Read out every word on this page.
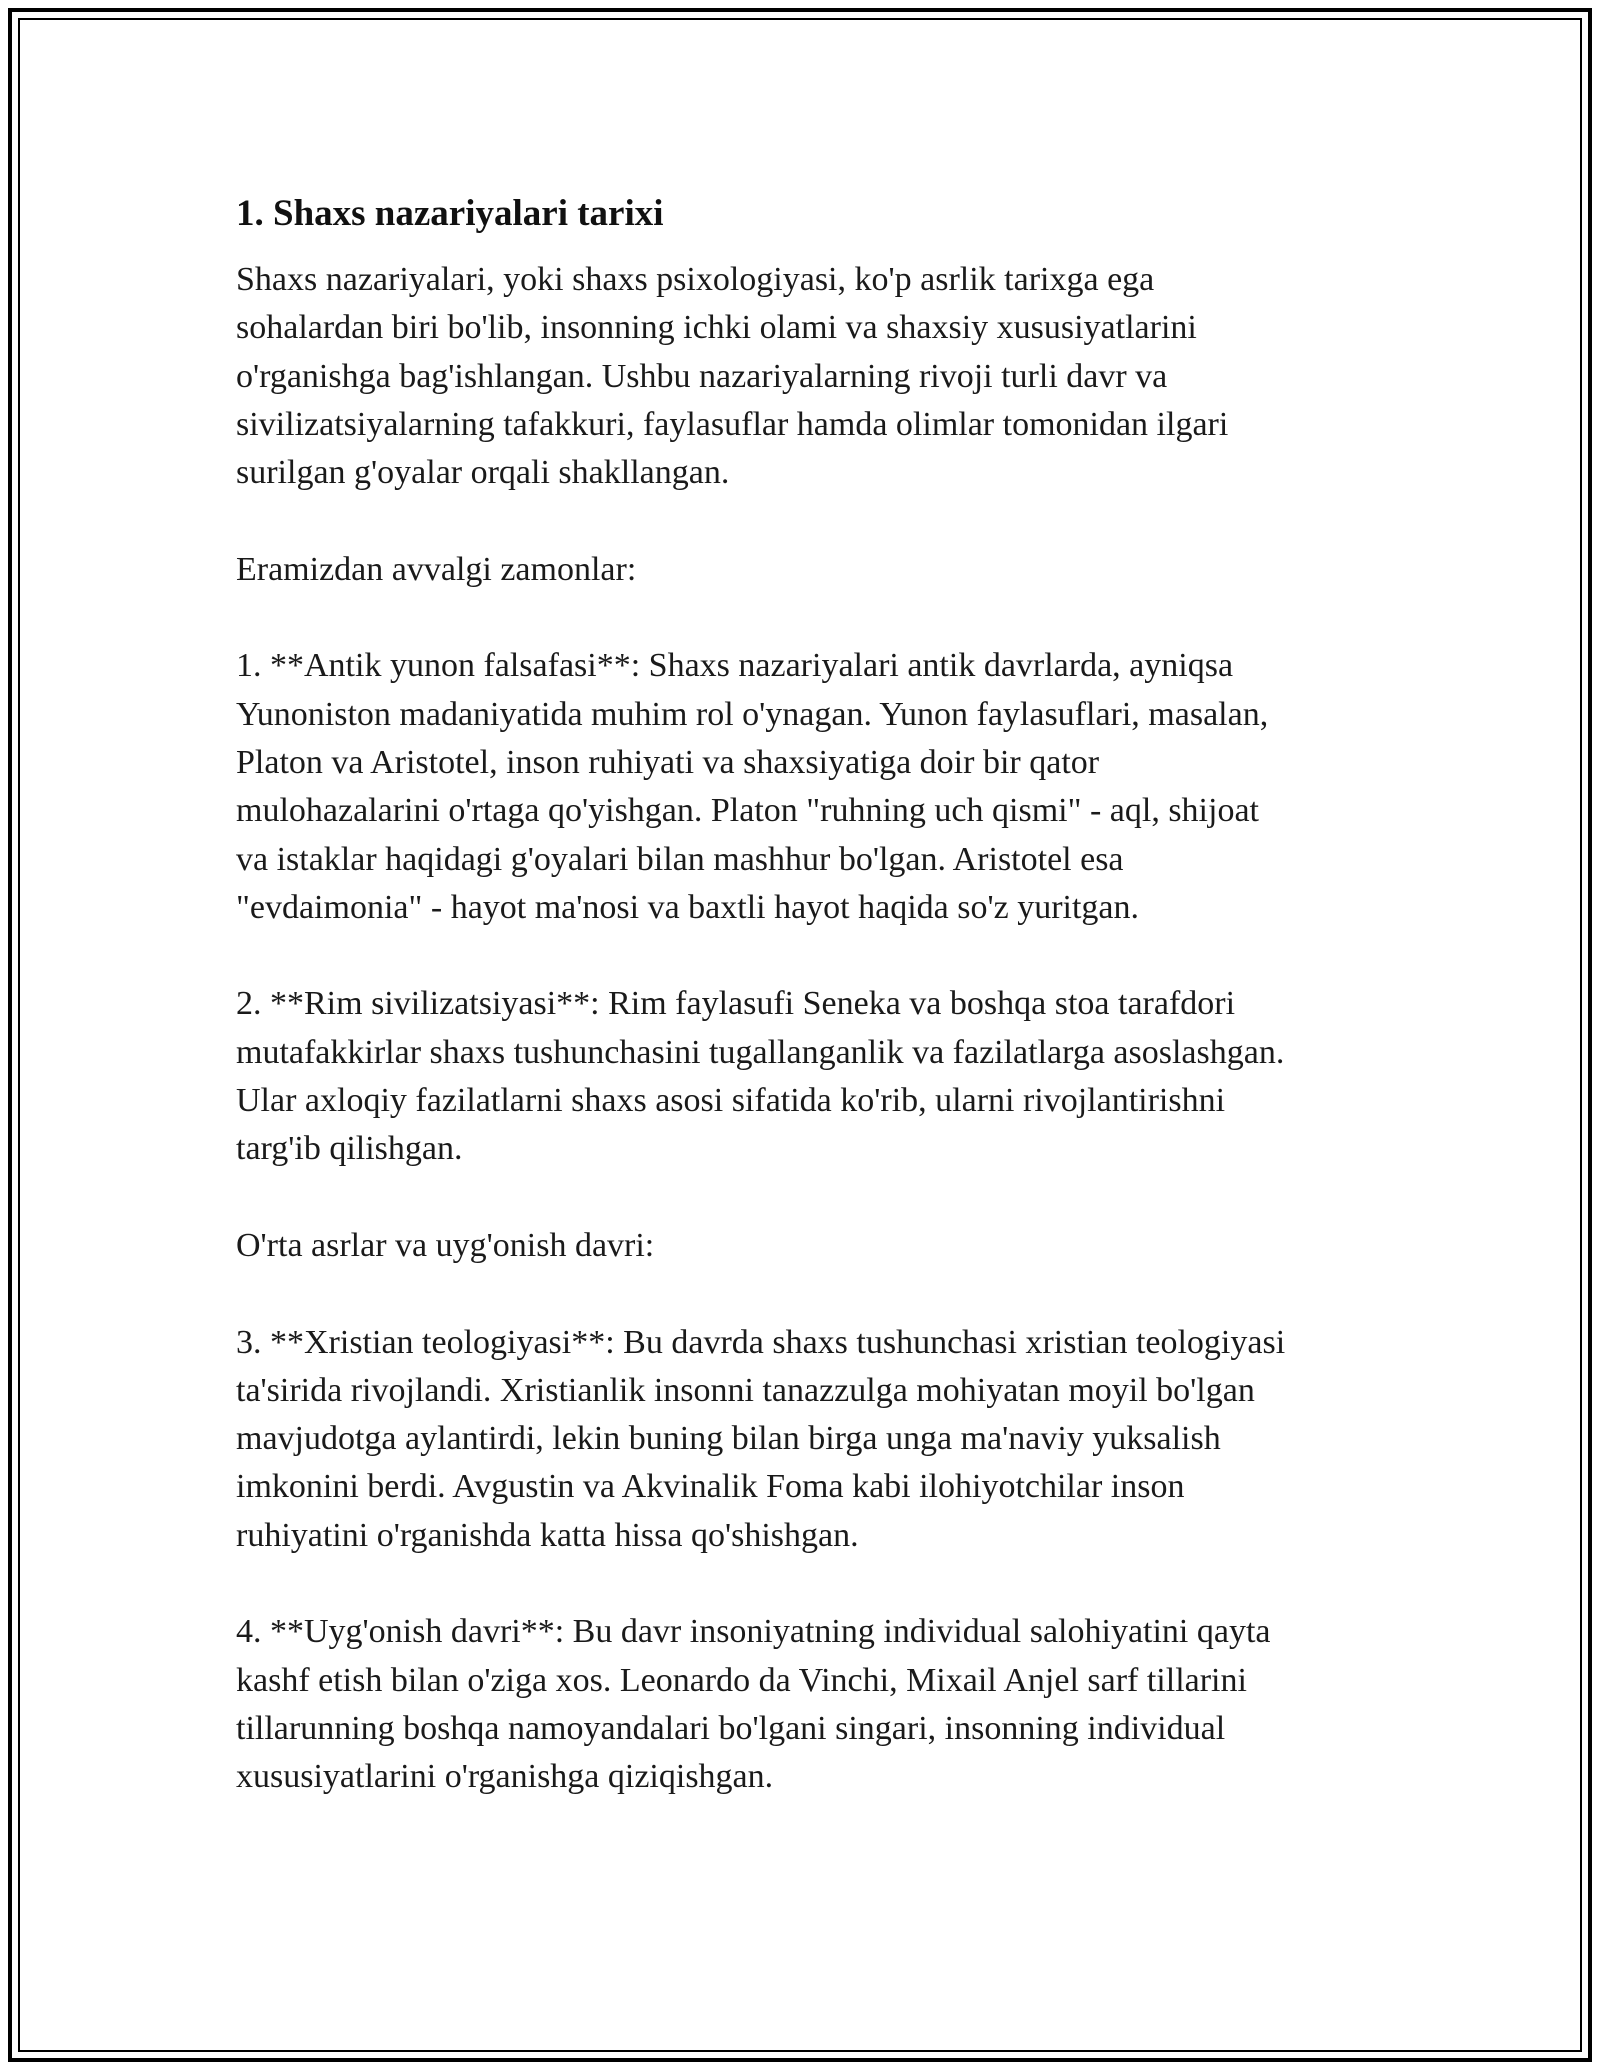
1. Shaxs nazariyalari tarixi

Shaxs nazariyalari, yoki shaxs psixologiyasi, ko'p asrlik tarixga ega
sohalardan biri bo'lib, insonning ichki olami va shaxsiy xususiyatlarini
o'rganishga bag'ishlangan. Ushbu nazariyalarning rivoji turli davr va
sivilizatsiyalarning tafakkuri, faylasuflar hamda olimlar tomonidan ilgari
surilgan g'oyalar orqali shakllangan.

Eramizdan avvalgi zamonlar:

1. **Antik yunon falsafasi**: Shaxs nazariyalari antik davrlarda, ayniqsa
Yunoniston madaniyatida muhim rol o'ynagan. Yunon faylasuflari, masalan,
Platon va Aristotel, inson ruhiyati va shaxsiyatiga doir bir qator
mulohazalarini o'rtaga qo'yishgan. Platon "ruhning uch qismi" - aql, shijoat
va istaklar haqidagi g'oyalari bilan mashhur bo'lgan. Aristotel esa
"evdaimonia" - hayot ma'nosi va baxtli hayot haqida so'z yuritgan.

2. **Rim sivilizatsiyasi**: Rim faylasufi Seneka va boshqa stoa tarafdori
mutafakkirlar shaxs tushunchasini tugallanganlik va fazilatlarga asoslashgan.
Ular axloqiy fazilatlarni shaxs asosi sifatida ko'rib, ularni rivojlantirishni
targ'ib qilishgan.

O'rta asrlar va uyg'onish davri:

3. **Xristian teologiyasi**: Bu davrda shaxs tushunchasi xristian teologiyasi
ta'sirida rivojlandi. Xristianlik insonni tanazzulga mohiyatan moyil bo'lgan
mavjudotga aylantirdi, lekin buning bilan birga unga ma'naviy yuksalish
imkonini berdi. Avgustin va Akvinalik Foma kabi ilohiyotchilar inson
ruhiyatini o'rganishda katta hissa qo'shishgan.

4. **Uyg'onish davri**: Bu davr insoniyatning individual salohiyatini qayta
kashf etish bilan o'ziga xos. Leonardo da Vinchi, Mixail Anjel sarf tillarini
tillarunning boshqa namoyandalari bo'lgani singari, insonning individual
xususiyatlarini o'rganishga qiziqishgan.
